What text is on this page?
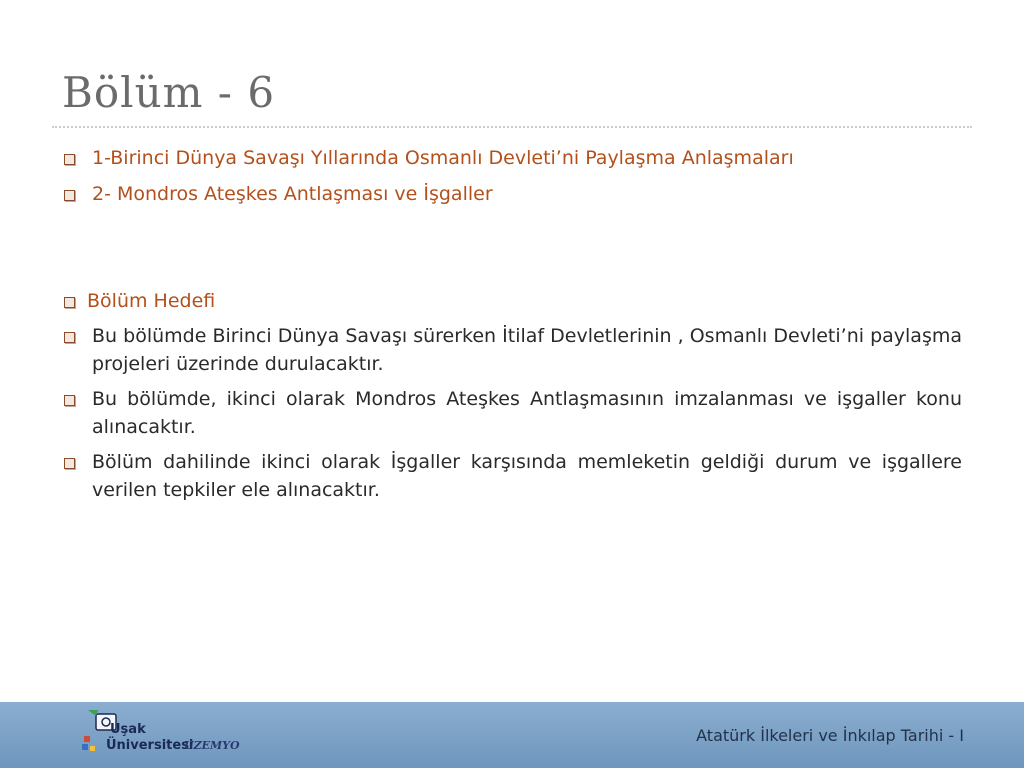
Bölüm - 6
1-Birinci Dünya Savaşı Yıllarında Osmanlı Devleti’ni Paylaşma Anlaşmaları
2- Mondros Ateşkes Antlaşması ve İşgaller
Bölüm Hedefi
Bu bölümde Birinci Dünya Savaşı sürerken İtilaf Devletlerinin , Osmanlı Devleti’ni paylaşma projeleri üzerinde durulacaktır.
Bu bölümde, ikinci olarak Mondros Ateşkes Antlaşmasının imzalanması ve işgaller konu alınacaktır.
Bölüm dahilinde ikinci olarak İşgaller karşısında memleketin geldiği durum ve işgallere verilen tepkiler ele alınacaktır.
Uşak
Üniversitesi
UZEMYO
Atatürk İlkeleri ve İnkılap Tarihi - I
